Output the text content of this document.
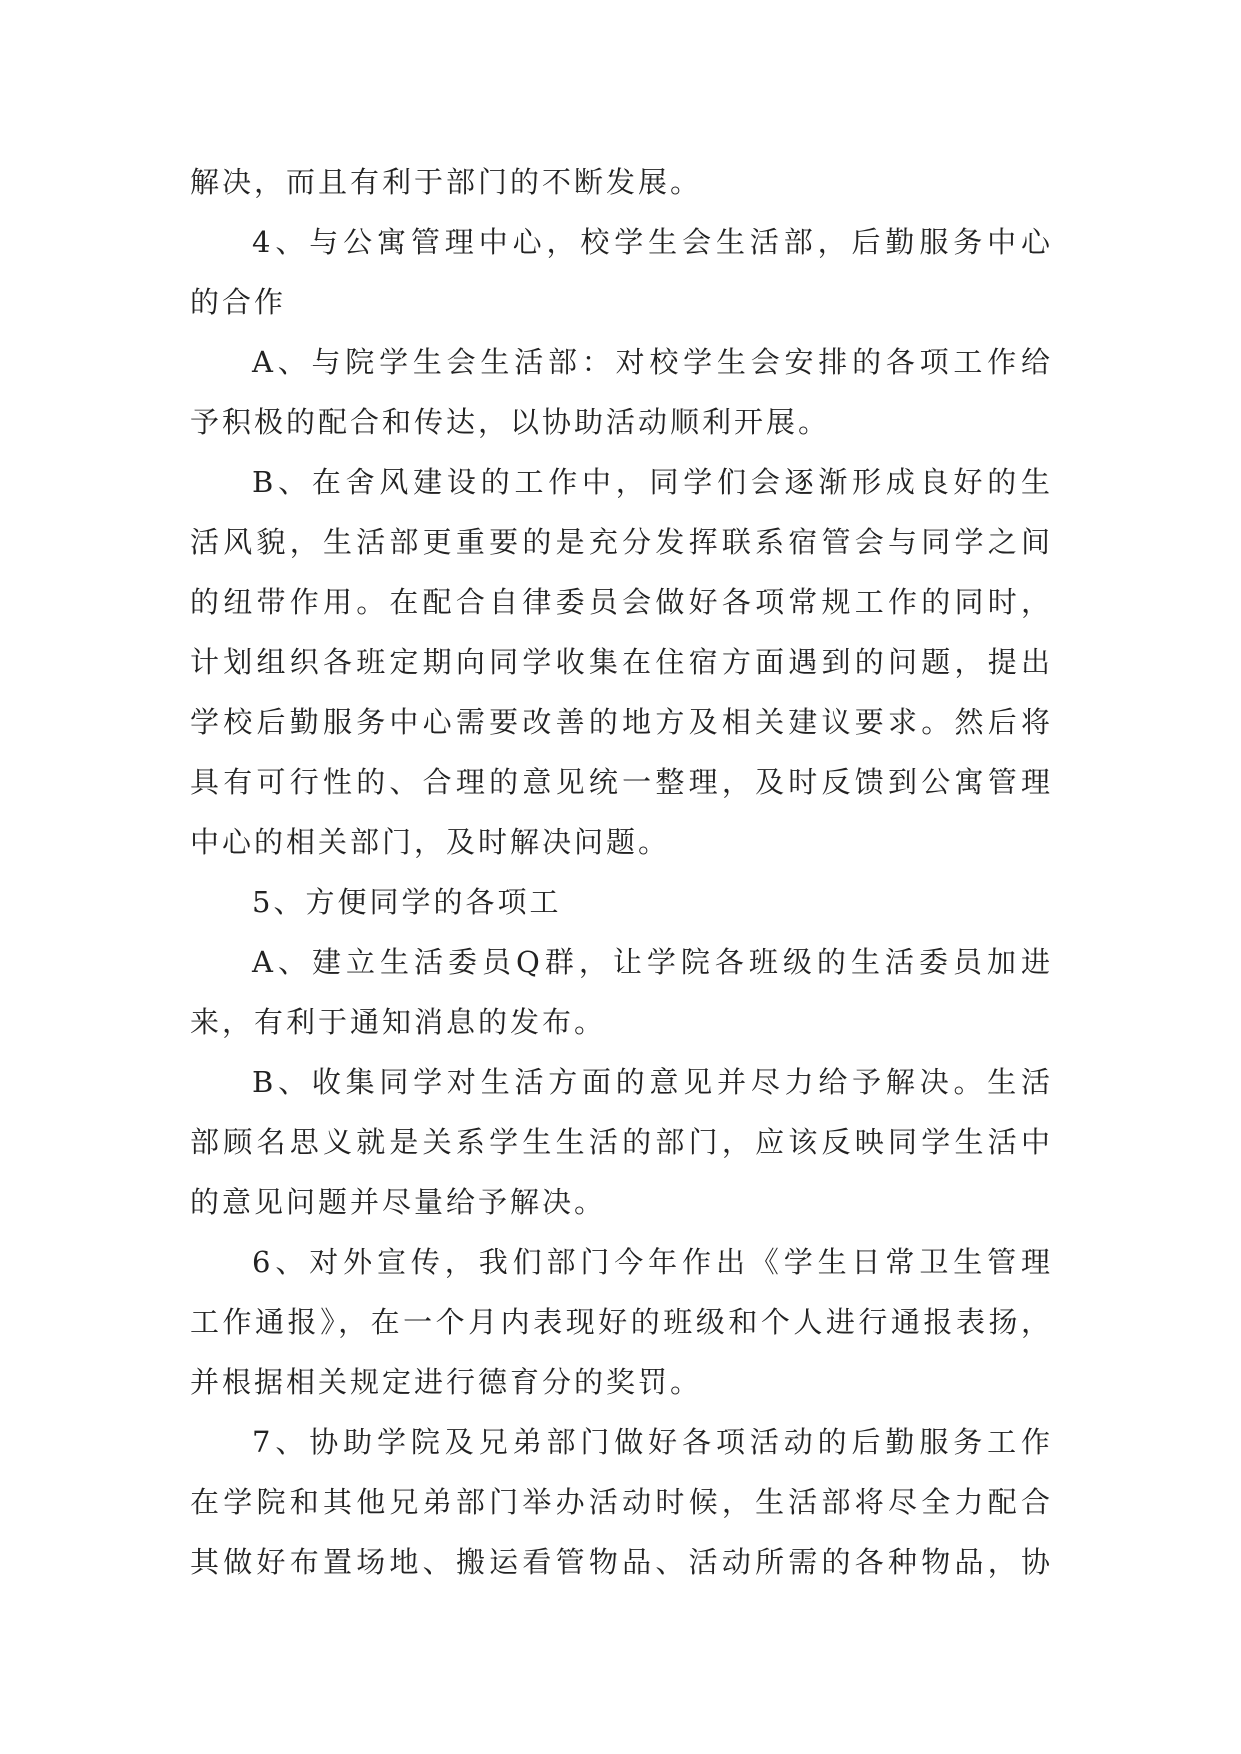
解决，而且有利于部门的不断发展。
4、与公寓管理中心，校学生会生活部，后勤服务中心
的合作
A、与院学生会生活部：对校学生会安排的各项工作给
予积极的配合和传达，以协助活动顺利开展。
B、在舍风建设的工作中，同学们会逐渐形成良好的生
活风貌，生活部更重要的是充分发挥联系宿管会与同学之间
的纽带作用。在配合自律委员会做好各项常规工作的同时，
计划组织各班定期向同学收集在住宿方面遇到的问题，提出
学校后勤服务中心需要改善的地方及相关建议要求。然后将
具有可行性的、合理的意见统一整理，及时反馈到公寓管理
中心的相关部门，及时解决问题。
5、方便同学的各项工
A、建立生活委员Q群，让学院各班级的生活委员加进
来，有利于通知消息的发布。
B、收集同学对生活方面的意见并尽力给予解决。生活
部顾名思义就是关系学生生活的部门，应该反映同学生活中
的意见问题并尽量给予解决。
6、对外宣传，我们部门今年作出《学生日常卫生管理
工作通报》，在一个月内表现好的班级和个人进行通报表扬，
并根据相关规定进行德育分的奖罚。
7、协助学院及兄弟部门做好各项活动的后勤服务工作
在学院和其他兄弟部门举办活动时候，生活部将尽全力配合
其做好布置场地、搬运看管物品、活动所需的各种物品，协
